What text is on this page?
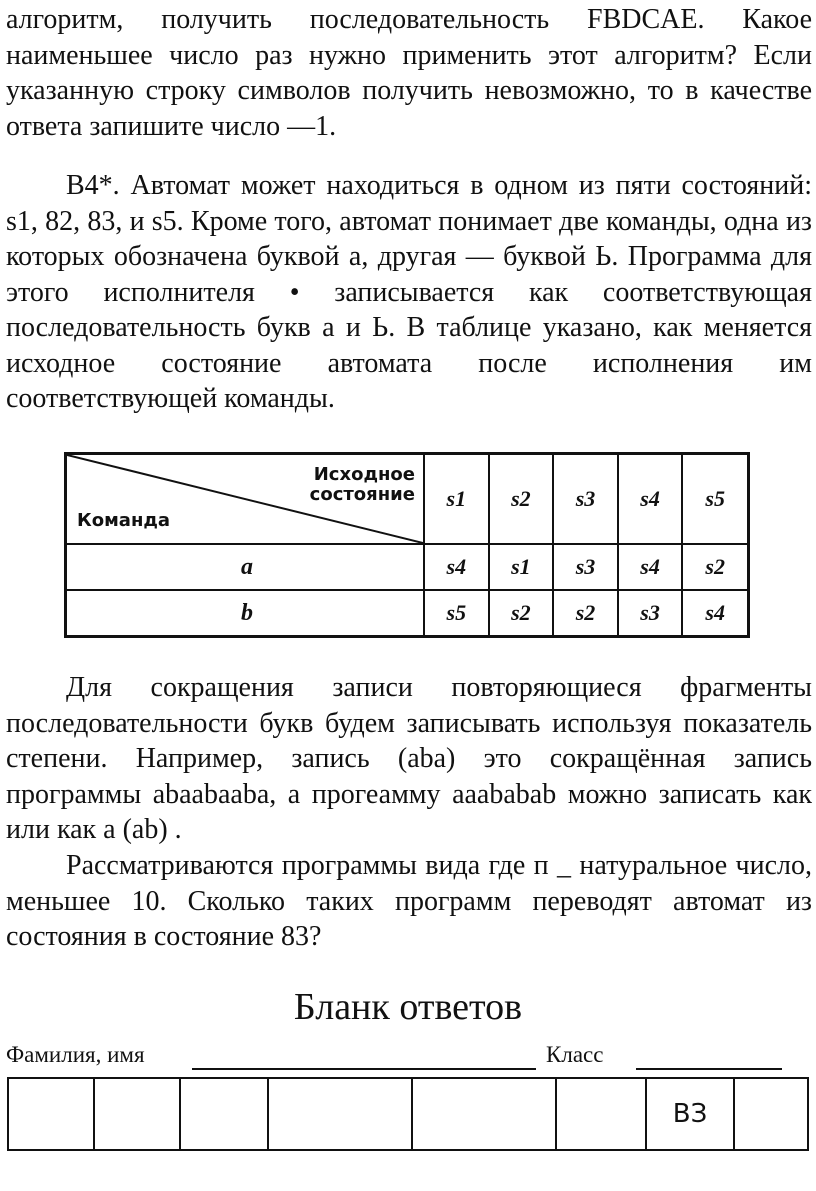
алгоритм, получить последовательность FBDCAE. Какое наименьшее число раз нужно применить этот алгоритм? Если указанную строку символов получить невозможно, то в качестве ответа запишите число —1.

В4*. Автомат может находиться в одном из пяти состояний: s1, 82, 83, и s5. Кроме того, автомат понимает две команды, одна из которых обозначена буквой а, другая — буквой Ь. Программа для этого исполнителя • записывается как соответствующая последовательность букв а и Ь. В таблице указано, как меняется исходное состояние автомата после исполнения им соответствующей команды.

Исходное
состояние
Команда	s1	s2	s3	s4	s5
a	s4	s1	s3	s4	s2
b	s5	s2	s2	s3	s4

Для сокращения записи повторяющиеся фрагменты последовательности букв будем записывать используя показатель степени. Например, запись (aba) это сокращённая запись программы abaabaaba, а прогеамму aaababab можно записать как или как a (ab) .

Рассматриваются программы вида где п _ натуральное число, меньшее 10. Сколько таких программ переводят автомат из состояния в состояние 83?

Бланк ответов
Фамилия, имя	Класс
						ВЗ	
